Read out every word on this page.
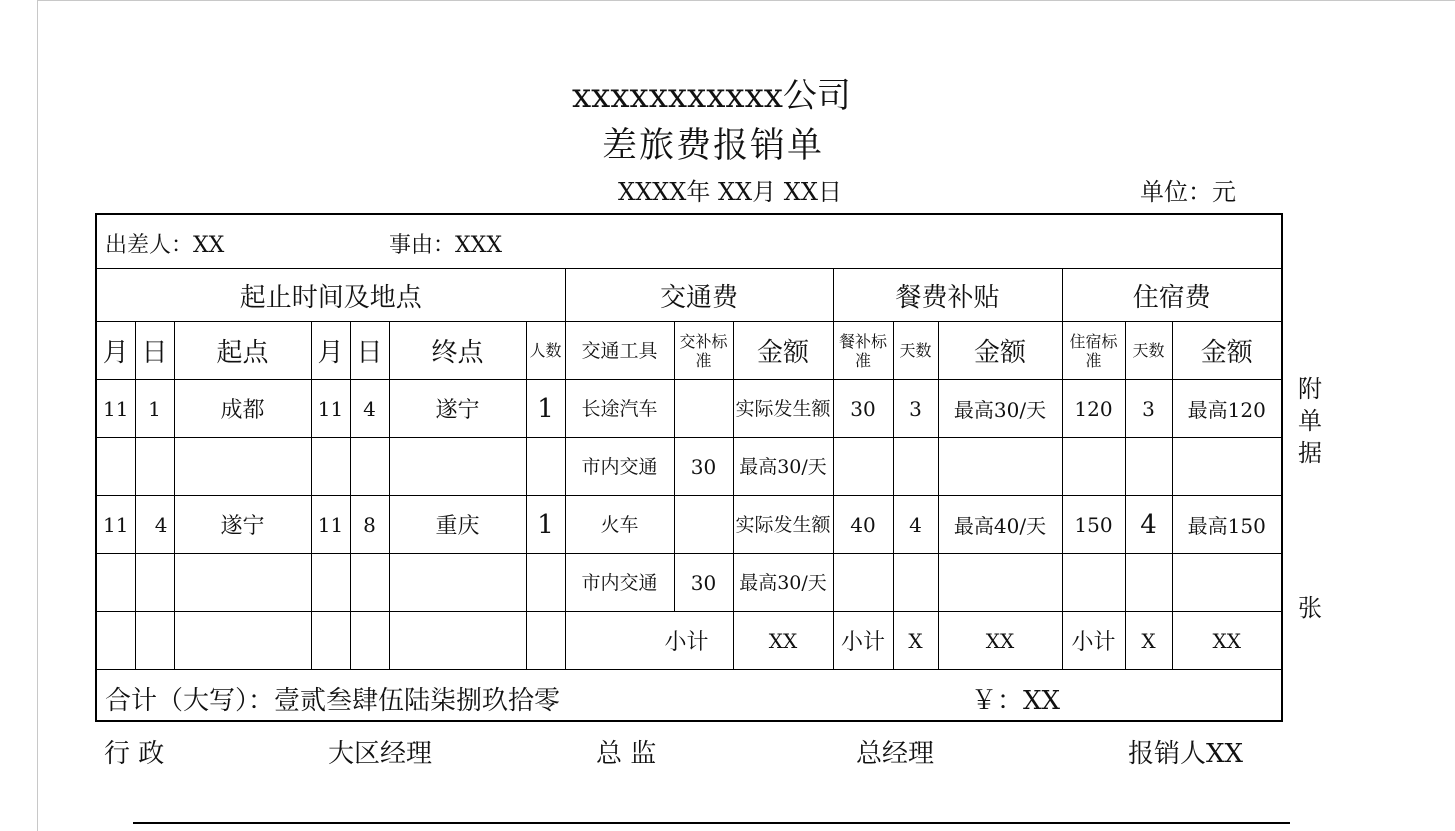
xxxxxxxxxxx公司
差旅费报销单
XXXX年 XX月 XX日	单位：元
出差人：XX 事由：XXX															

起止时间及地点							交通费			餐费补贴			住宿费		
月	日	起点	月	日	终点	人数	交通工具	交补标准	金额	餐补标准	天数	金额	住宿标准	天数	金额
11	1	成都	11	4	遂宁	1	长途汽车		实际发生额	30	3	最高30/天	120	3	最高120
							市内交通	30	最高30/天						
11	4	遂宁	11	8	重庆	1	火车		实际发生额	40	4	最高40/天	150	4	最高150
							市内交通	30	最高30/天						
							小计		XX	小计	X	XX	小计	X	XX

合计（大写）：壹贰叁肆伍陆柒捌玖拾零 ￥：XX															
附单据
张
行 政	大区经理	总 监	总经理	报销人XX
